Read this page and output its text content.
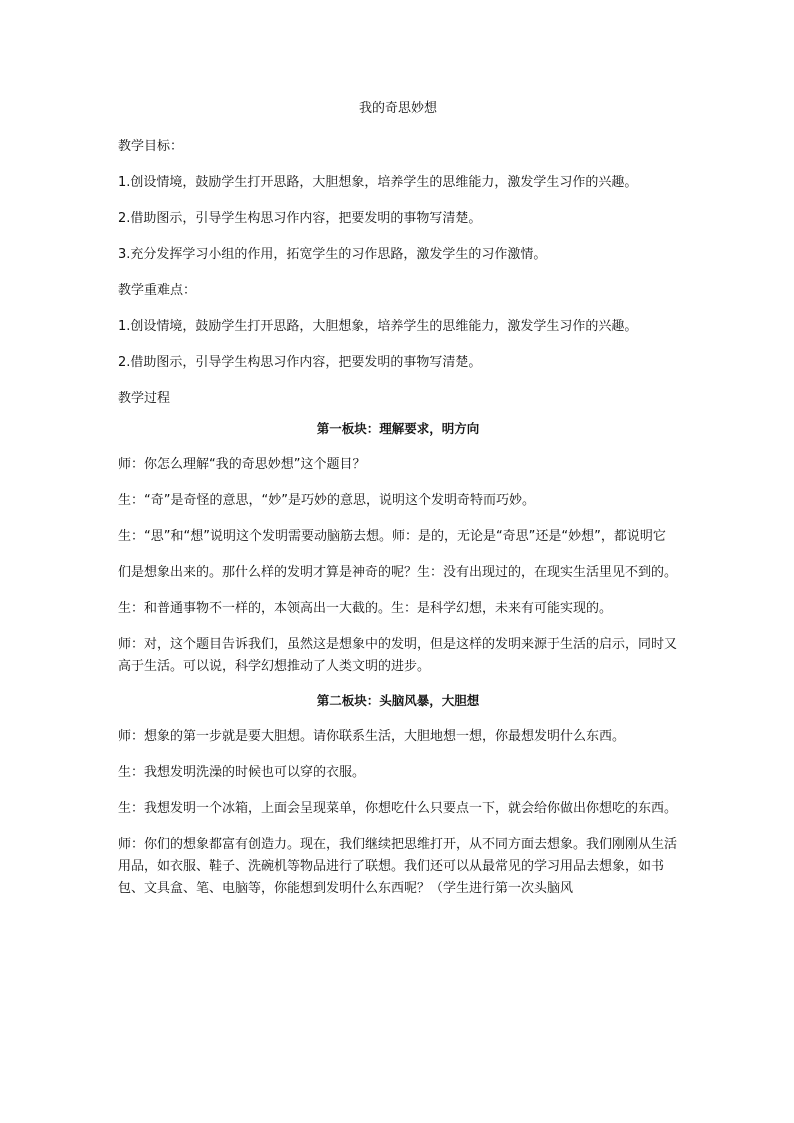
我的奇思妙想
教学目标：
1.创设情境，鼓励学生打开思路，大胆想象，培养学生的思维能力，激发学生习作的兴趣。
2.借助图示，引导学生构思习作内容，把要发明的事物写清楚。
3.充分发挥学习小组的作用，拓宽学生的习作思路，激发学生的习作激情。
教学重难点：
1.创设情境，鼓励学生打开思路，大胆想象，培养学生的思维能力，激发学生习作的兴趣。
2.借助图示，引导学生构思习作内容，把要发明的事物写清楚。
教学过程
第一板块：理解要求，明方向
师：你怎么理解“我的奇思妙想”这个题目？
生：“奇”是奇怪的意思，“妙”是巧妙的意思，说明这个发明奇特而巧妙。
生：“思”和“想”说明这个发明需要动脑筋去想。师：是的，无论是“奇思”还是“妙想”，都说明它
们是想象出来的。那什么样的发明才算是神奇的呢？生：没有出现过的，在现实生活里见不到的。
生：和普通事物不一样的，本领高出一大截的。生：是科学幻想，未来有可能实现的。
师：对，这个题目告诉我们，虽然这是想象中的发明，但是这样的发明来源于生活的启示，同时又高于生活。可以说，科学幻想推动了人类文明的进步。
第二板块：头脑风暴，大胆想
师：想象的第一步就是要大胆想。请你联系生活，大胆地想一想，你最想发明什么东西。
生：我想发明洗澡的时候也可以穿的衣服。
生：我想发明一个冰箱，上面会呈现菜单，你想吃什么只要点一下，就会给你做出你想吃的东西。
师：你们的想象都富有创造力。现在，我们继续把思维打开，从不同方面去想象。我们刚刚从生活用品，如衣服、鞋子、洗碗机等物品进行了联想。我们还可以从最常见的学习用品去想象，如书包、文具盒、笔、电脑等，你能想到发明什么东西呢？（学生进行第一次头脑风
